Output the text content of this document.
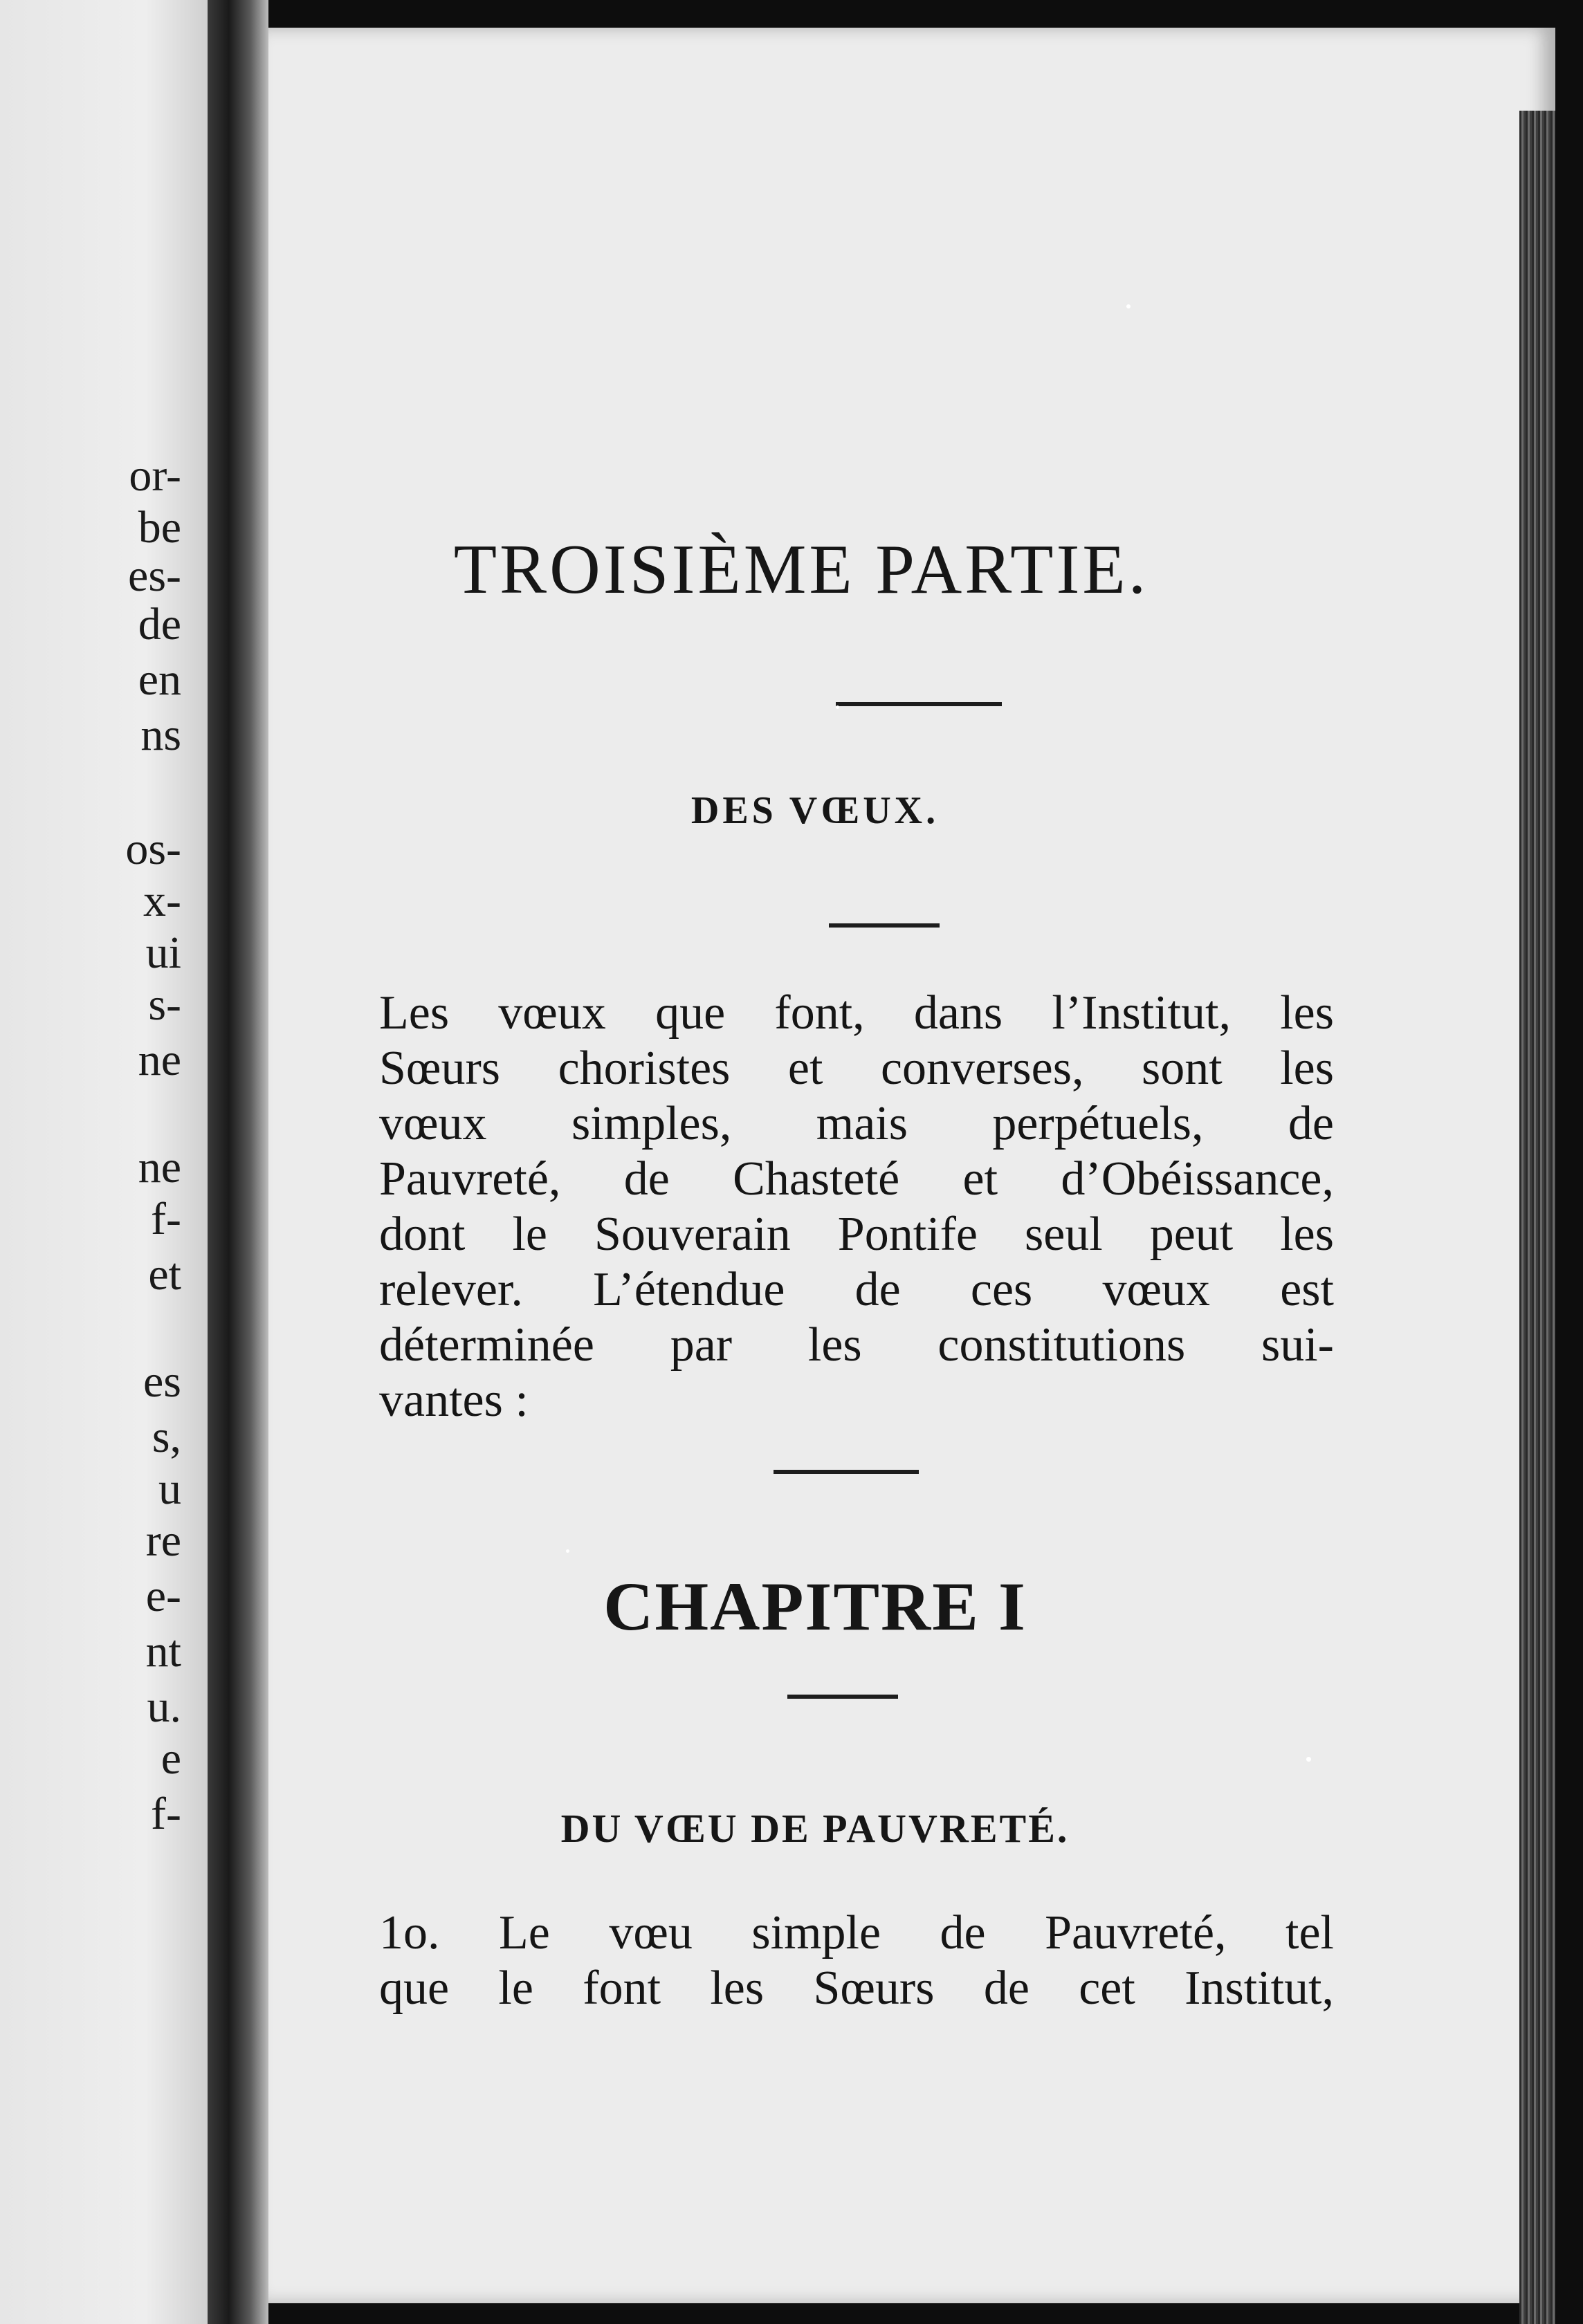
or-
be
es-
de
en
ns
os-
x-
ui
s-
ne
ne
f-
et
es
s,
u
re
e-
nt
u.
e
f-
TROISIÈME PARTIE.
DES VŒUX.
Les vœux que font, dans l’Institut, les
Sœurs choristes et converses, sont les
vœux simples, mais perpétuels, de
Pauvreté, de Chasteté et d’Obéissance,
dont le Souverain Pontife seul peut les
relever. L’étendue de ces vœux est
déterminée par les constitutions sui-
vantes :
CHAPITRE I
DU VŒU DE PAUVRETÉ.
1o. Le vœu simple de Pauvreté, tel
que le font les Sœurs de cet Institut,
